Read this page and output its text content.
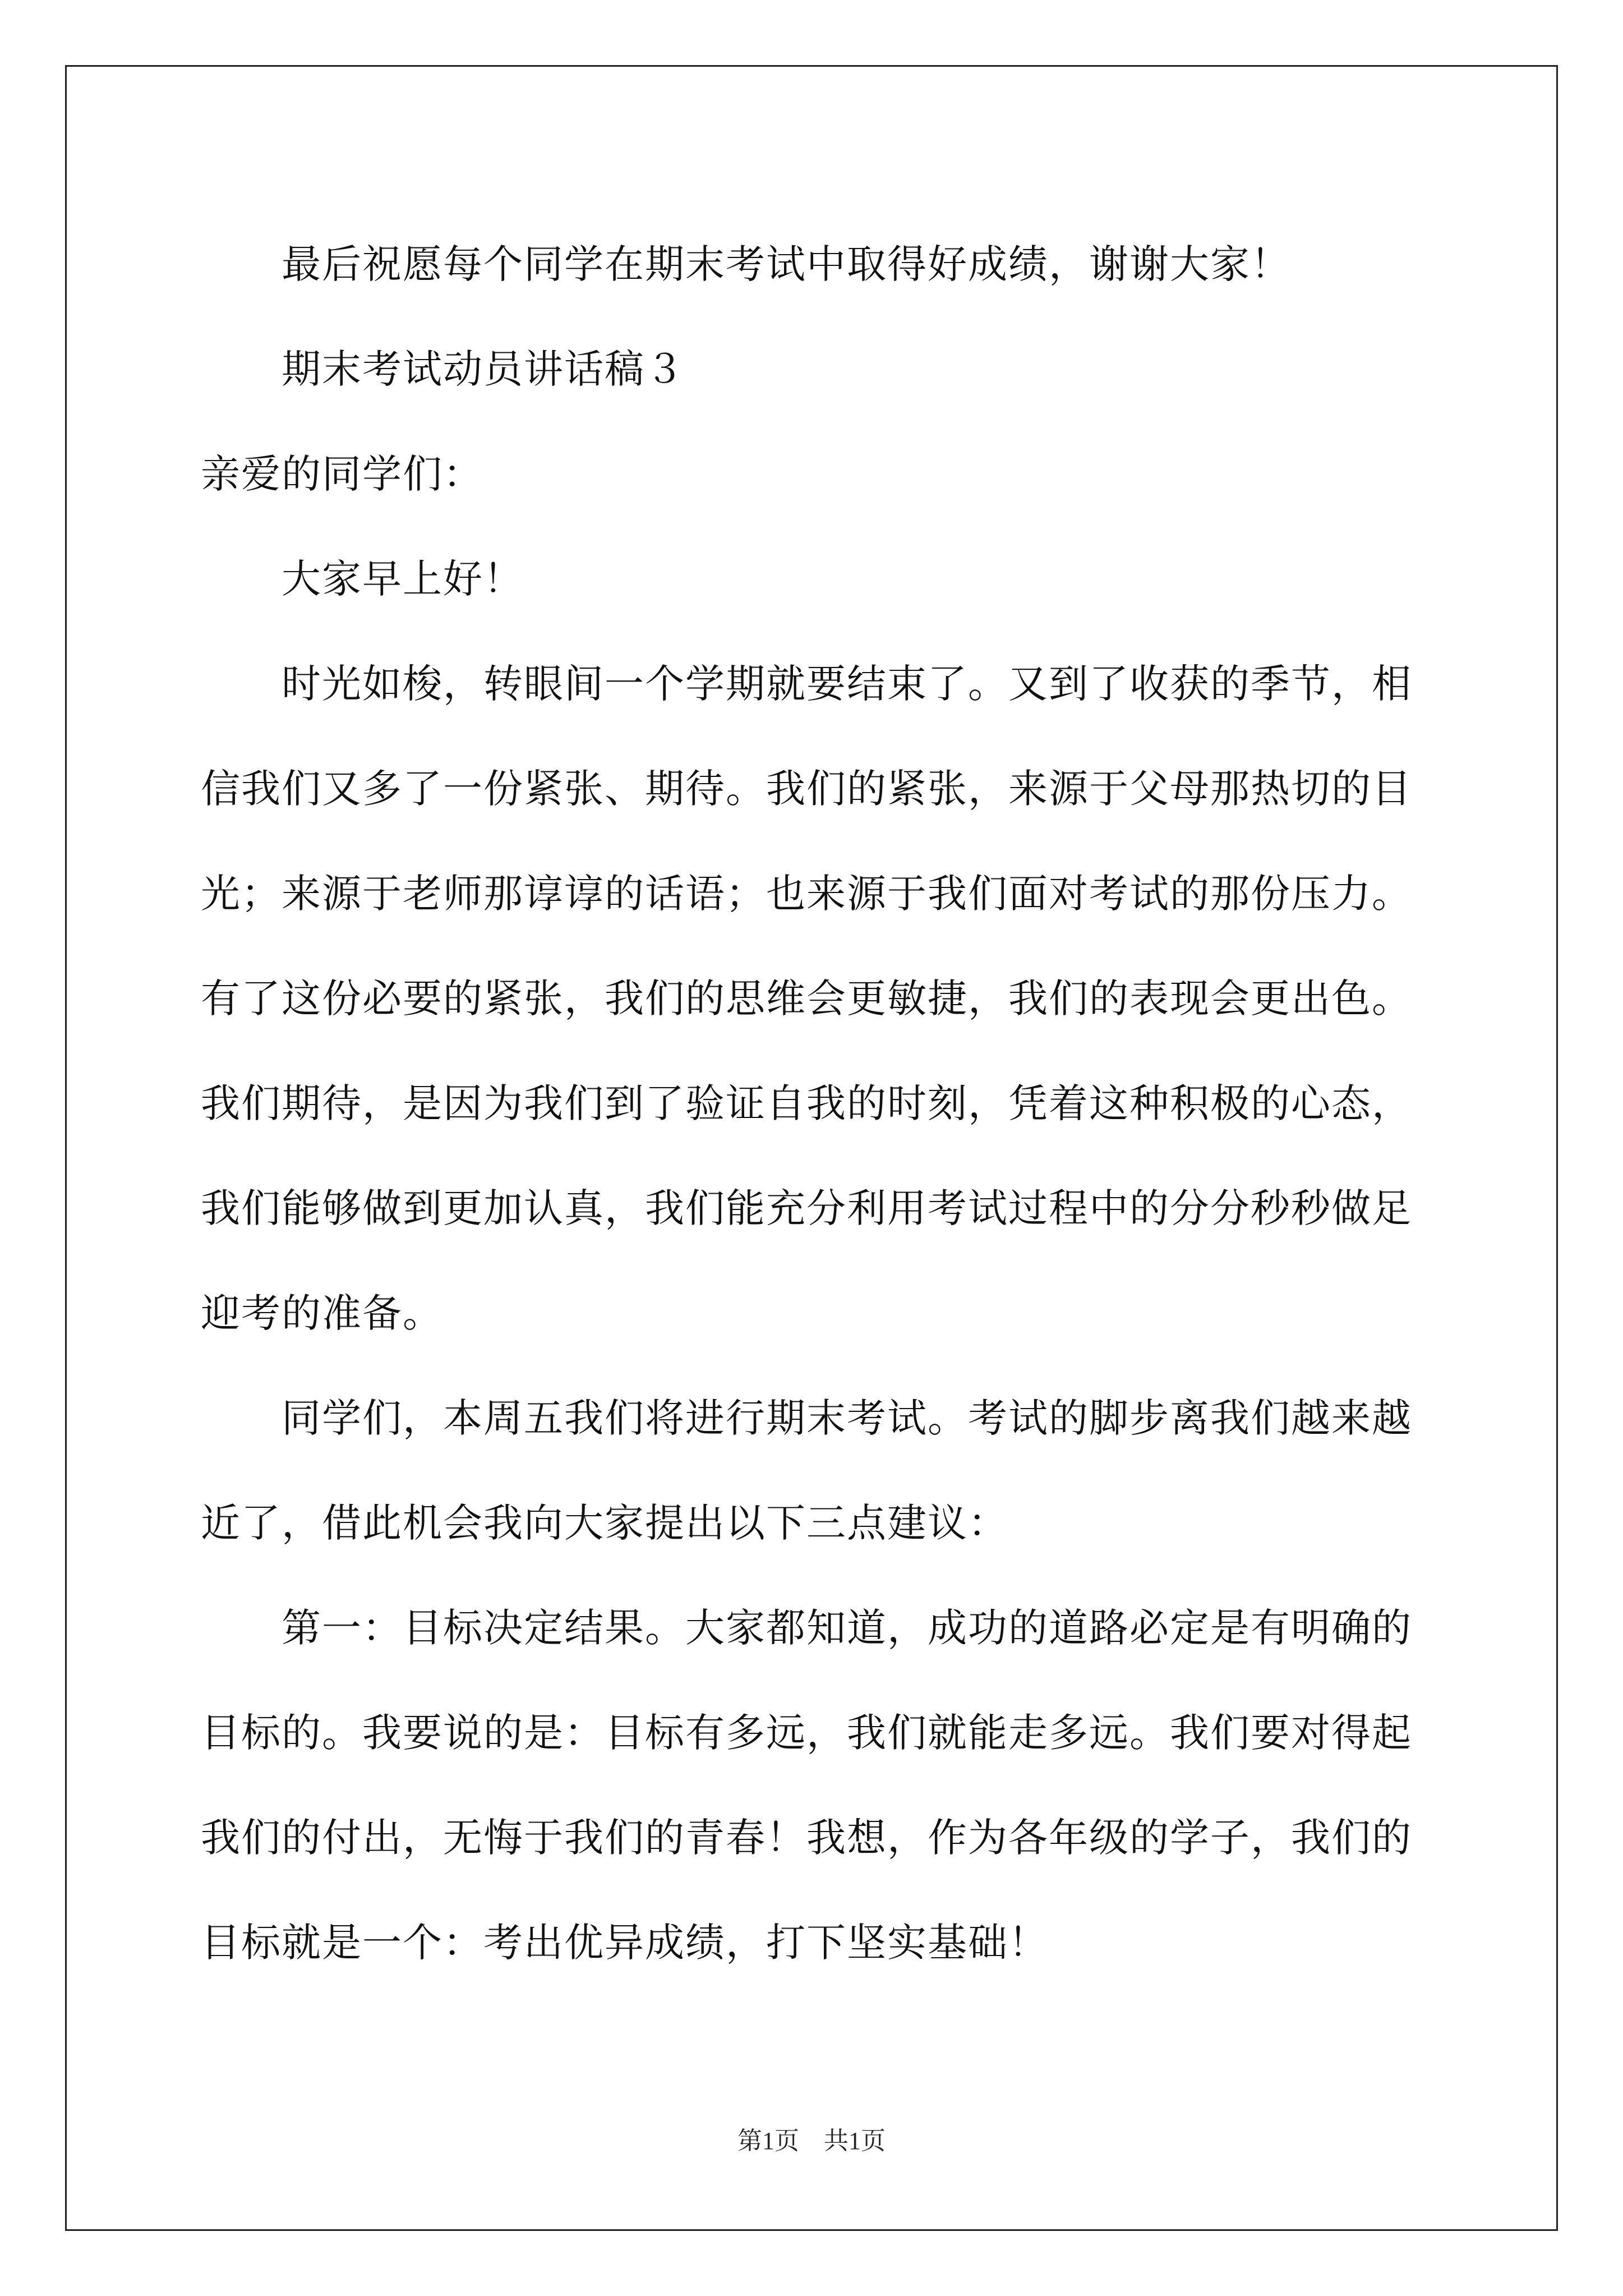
最后祝愿每个同学在期末考试中取得好成绩，谢谢大家！

期末考试动员讲话稿３

亲爱的同学们：

大家早上好！

时光如梭，转眼间一个学期就要结束了。又到了收获的季节，相信我们又多了一份紧张、期待。我们的紧张，来源于父母那热切的目光；来源于老师那谆谆的话语；也来源于我们面对考试的那份压力。有了这份必要的紧张，我们的思维会更敏捷，我们的表现会更出色。我们期待，是因为我们到了验证自我的时刻，凭着这种积极的心态，我们能够做到更加认真，我们能充分利用考试过程中的分分秒秒做足迎考的准备。

同学们，本周五我们将进行期末考试。考试的脚步离我们越来越近了，借此机会我向大家提出以下三点建议：

第一：目标决定结果。大家都知道，成功的道路必定是有明确的目标的。我要说的是：目标有多远，我们就能走多远。我们要对得起我们的付出，无悔于我们的青春！我想，作为各年级的学子，我们的目标就是一个：考出优异成绩，打下坚实基础！

第1页　共1页
